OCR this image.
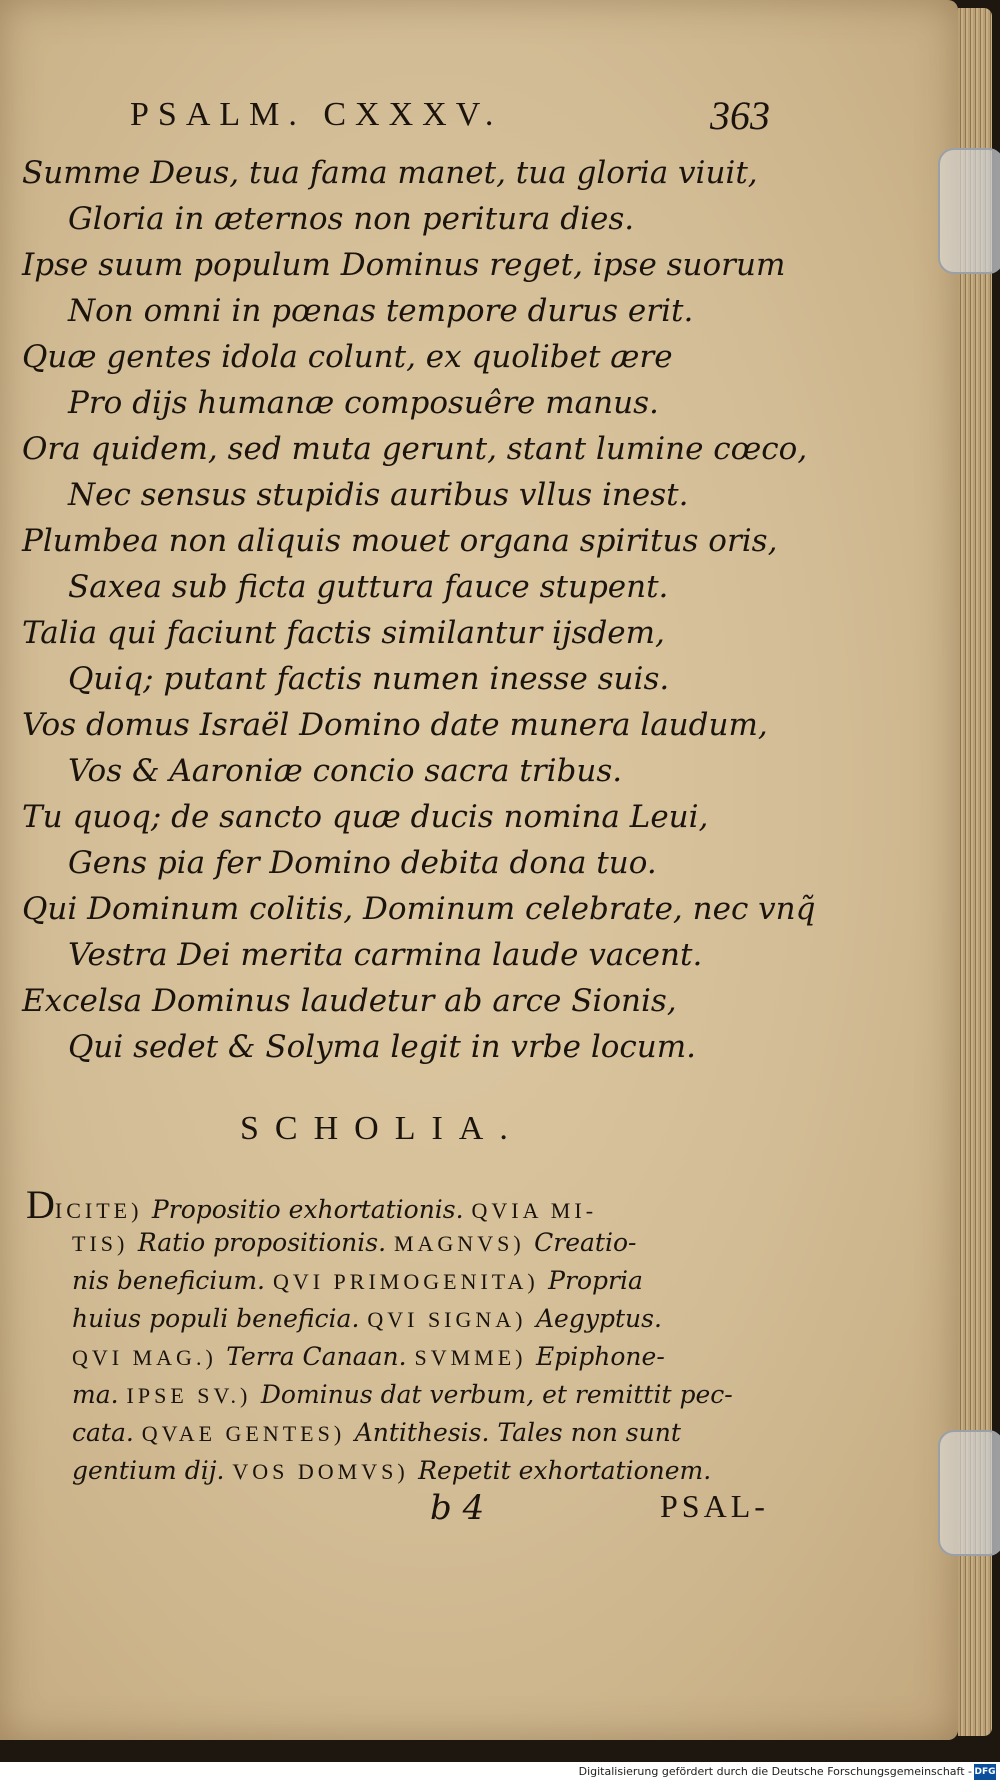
PSALM. CXXXV.	363
Summe Deus, tua fama manet, tua gloria viuit,
Gloria in æternos non peritura dies.
Ipse suum populum Dominus reget, ipse suorum
Non omni in pœnas tempore durus erit.
Quæ gentes idola colunt, ex quolibet ære
Pro dijs humanæ composuêre manus.
Ora quidem, sed muta gerunt, stant lumine cœco,
Nec sensus stupidis auribus vllus inest.
Plumbea non aliquis mouet organa spiritus oris,
Saxea sub ficta guttura fauce stupent.
Talia qui faciunt factis similantur ijsdem,
Quiq; putant factis numen inesse suis.
Vos domus Israël Domino date munera laudum,
Vos & Aaroniæ concio sacra tribus.
Tu quoq; de sancto quæ ducis nomina Leui,
Gens pia fer Domino debita dona tuo.
Qui Dominum colitis, Dominum celebrate, nec vnq̃
Vestra Dei merita carmina laude vacent.
Excelsa Dominus laudetur ab arce Sionis,
Qui sedet & Solyma legit in vrbe locum.
SCHOLIA.
DICITE) Propositio exhortationis. QVIA MI-
TIS) Ratio propositionis. MAGNVS) Creatio-
nis beneficium. QVI PRIMOGENITA) Propria
huius populi beneficia. QVI SIGNA) Aegyptus.
QVI MAG.) Terra Canaan. SVMME) Epiphone-
ma. IPSE SV.) Dominus dat verbum, et remittit pec-
cata. QVAE GENTES) Antithesis. Tales non sunt
gentium dij. VOS DOMVS) Repetit exhortationem.
b 4	PSAL-
Digitalisierung gefördert durch die Deutsche Forschungsgemeinschaft - DFG
